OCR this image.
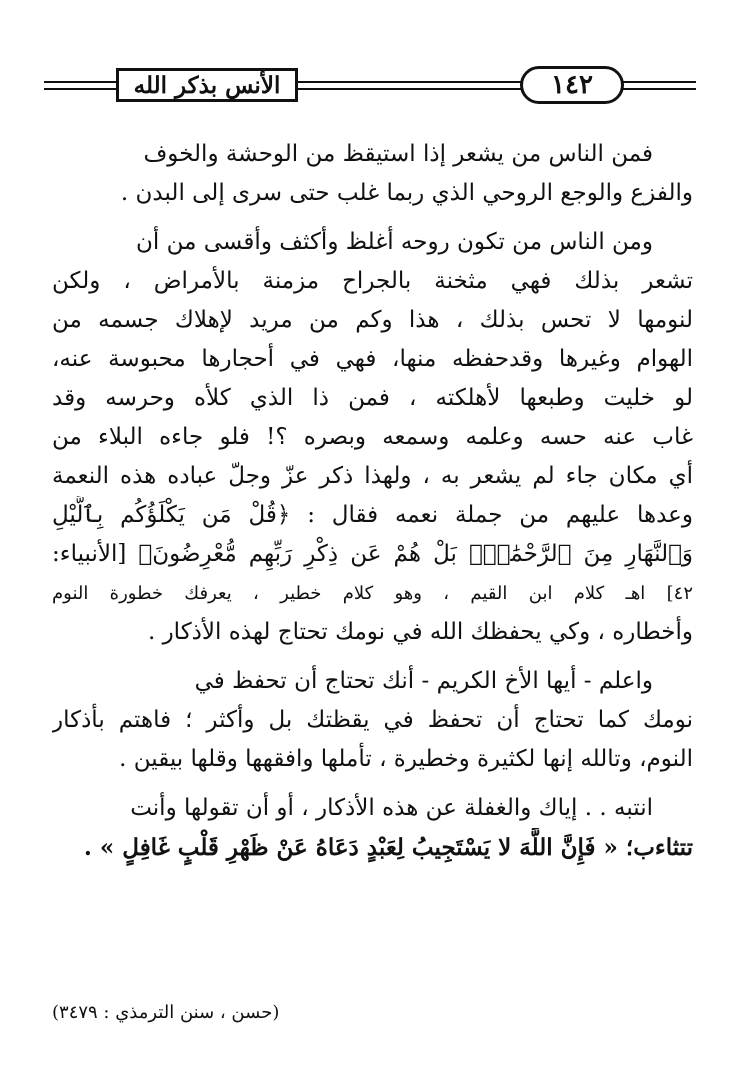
الأنس بذكر الله	١٤٢
فمن الناس من يشعر إذا استيقظ من الوحشة والخوف
والفزع والوجع الروحي الذي ربما غلب حتى سرى إلى البدن .
ومن الناس من تكون روحه أغلظ وأكثف وأقسى من أن
تشعر بذلك فهي مثخنة بالجراح مزمنة بالأمراض ، ولكن
لنومها لا تحس بذلك ، هذا وكم من مريد لإهلاك جسمه من
الهوام وغيرها وقدحفظه منها، فهي في أحجارها محبوسة عنه،
لو خليت وطبعها لأهلكته ، فمن ذا الذي كلأه وحرسه وقد
غاب عنه حسه وعلمه وسمعه وبصره ؟! فلو جاءه البلاء من
أي مكان جاء لم يشعر به ، ولهذا ذكر عزّ وجلّ عباده هذه النعمة
وعدها عليهم من جملة نعمه فقال : ﴿قُلْ مَن يَكْلَؤُكُم بِٱلَّيْلِ
وَٱلنَّهَارِ مِنَ ٱلرَّحْمَٰنِۗ بَلْ هُمْ عَن ذِكْرِ رَبِّهِم مُّعْرِضُونَ﴾ [الأنبياء:
٤٢] اهـ كلام ابن القيم ، وهو كلام خطير ، يعرفك خطورة النوم
وأخطاره ، وكي يحفظك الله في نومك تحتاج لهذه الأذكار .
واعلم - أيها الأخ الكريم - أنك تحتاج أن تحفظ في
نومك كما تحتاج أن تحفظ في يقظتك بل وأكثر ؛ فاهتم بأذكار
النوم، وتالله إنها لكثيرة وخطيرة ، تأملها وافقهها وقلها بيقين .
انتبه . . إياك والغفلة عن هذه الأذكار ، أو أن تقولها وأنت
تتثاءب؛ « فَإِنَّ اللَّهَ لا يَسْتَجِيبُ لِعَبْدٍ دَعَاهُ عَنْ ظَهْرِ قَلْبٍ غَافِلٍ » .
(حسن ، سنن الترمذي : ٣٤٧٩)
